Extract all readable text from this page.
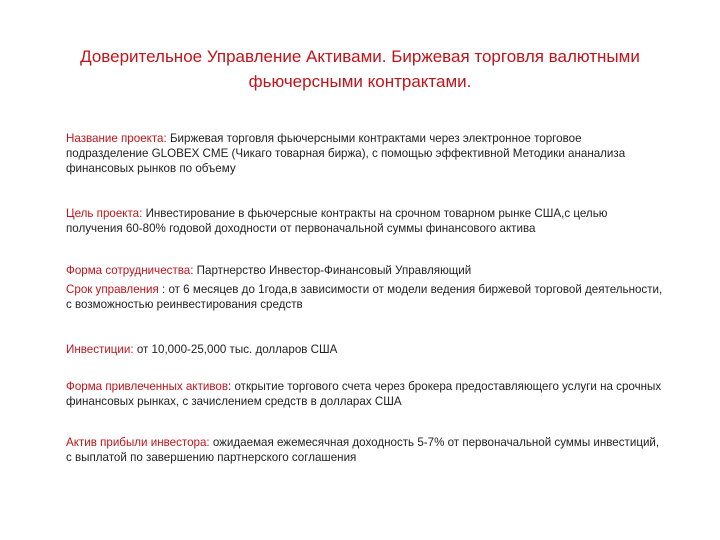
Доверительное Управление Активами. Биржевая торговля валютными фьючерсными контрактами.

Название проекта: Биржевая торговля фьючерсными контрактами через электронное торговое подразделение GLOBEX CME (Чикаго товарная биржа), с помощью эффективной Методики ананализа финансовых рынков по объему

Цель проекта: Инвестирование в фьючерсные контракты на срочном товарном рынке США,с целью получения 60-80% годовой доходности от первоначальной суммы финансового актива

Форма сотрудничества: Партнерство Инвестор-Финансовый Управляющий

Срок управления : от 6 месяцев до 1года,в зависимости от модели ведения биржевой торговой деятельности, с возможностью реинвестирования средств

Инвестиции: от 10,000-25,000 тыс. долларов США

Форма привлеченных активов: открытие торгового счета через брокера предоставляющего услуги на срочных финансовых рынках, с зачислением средств в долларах США

Актив прибыли инвестора: ожидаемая ежемесячная доходность 5-7% от первоначальной суммы инвестиций, с выплатой по завершению партнерского соглашения
